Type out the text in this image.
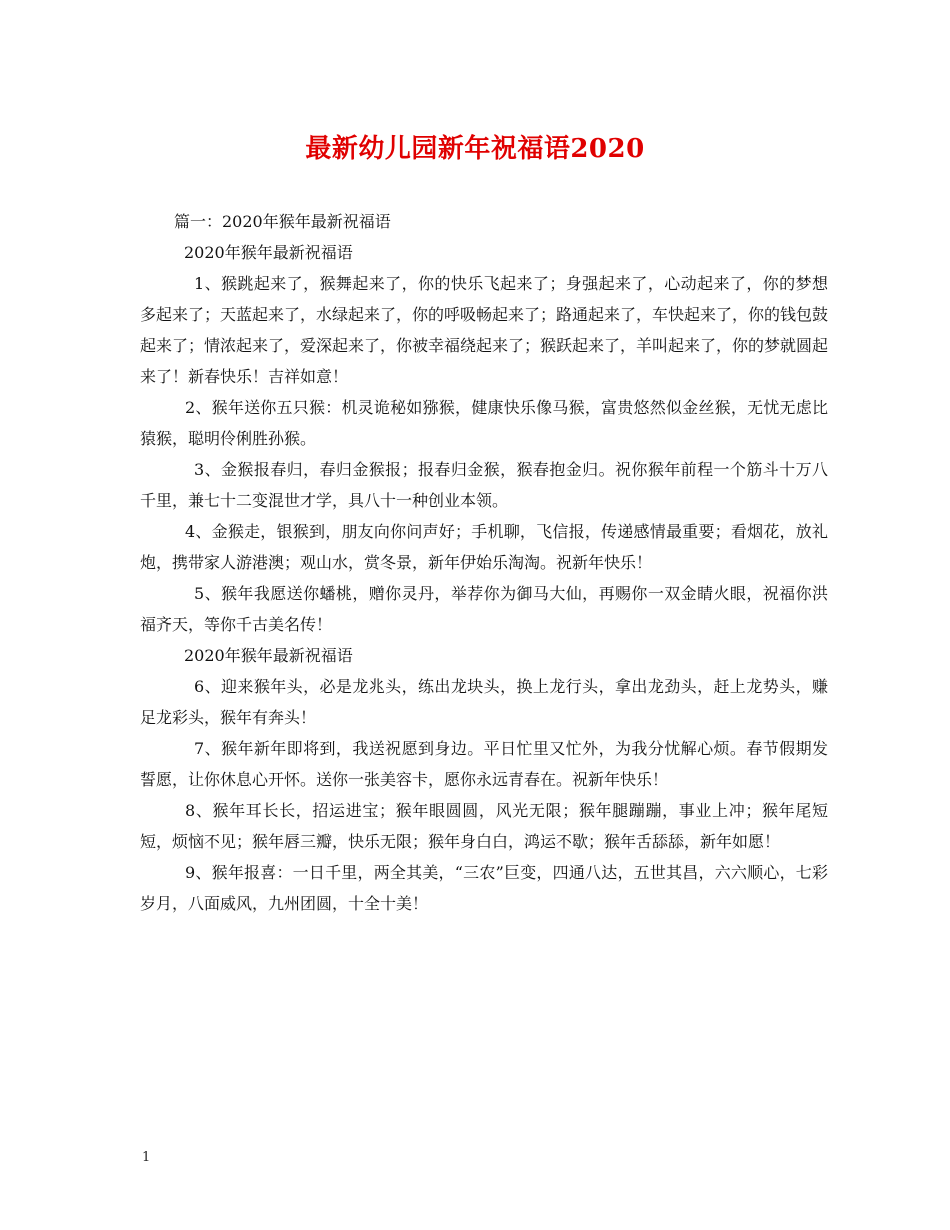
最新幼儿园新年祝福语2020

篇一：2020年猴年最新祝福语

2020年猴年最新祝福语

1、猴跳起来了，猴舞起来了，你的快乐飞起来了；身强起来了，心动起来了，你的梦想多起来了；天蓝起来了，水绿起来了，你的呼吸畅起来了；路通起来了，车快起来了，你的钱包鼓起来了；情浓起来了，爱深起来了，你被幸福绕起来了；猴跃起来了，羊叫起来了，你的梦就圆起来了！新春快乐！吉祥如意！

2、猴年送你五只猴：机灵诡秘如猕猴，健康快乐像马猴，富贵悠然似金丝猴，无忧无虑比猿猴，聪明伶俐胜孙猴。

3、金猴报春归，春归金猴报；报春归金猴，猴春抱金归。祝你猴年前程一个筋斗十万八千里，兼七十二变混世才学，具八十一种创业本领。

4、金猴走，银猴到，朋友向你问声好；手机聊，飞信报，传递感情最重要；看烟花，放礼炮，携带家人游港澳；观山水，赏冬景，新年伊始乐淘淘。祝新年快乐！

5、猴年我愿送你蟠桃，赠你灵丹，举荐你为御马大仙，再赐你一双金睛火眼，祝福你洪福齐天，等你千古美名传！

2020年猴年最新祝福语

6、迎来猴年头，必是龙兆头，练出龙块头，换上龙行头，拿出龙劲头，赶上龙势头，赚足龙彩头，猴年有奔头！

7、猴年新年即将到，我送祝愿到身边。平日忙里又忙外，为我分忧解心烦。春节假期发誓愿，让你休息心开怀。送你一张美容卡，愿你永远青春在。祝新年快乐！

8、猴年耳长长，招运进宝；猴年眼圆圆，风光无限；猴年腿蹦蹦，事业上冲；猴年尾短短，烦恼不见；猴年唇三瓣，快乐无限；猴年身白白，鸿运不歇；猴年舌舔舔，新年如愿！

9、猴年报喜：一日千里，两全其美，“三农”巨变，四通八达，五世其昌，六六顺心，七彩岁月，八面威风，九州团圆，十全十美！

1
